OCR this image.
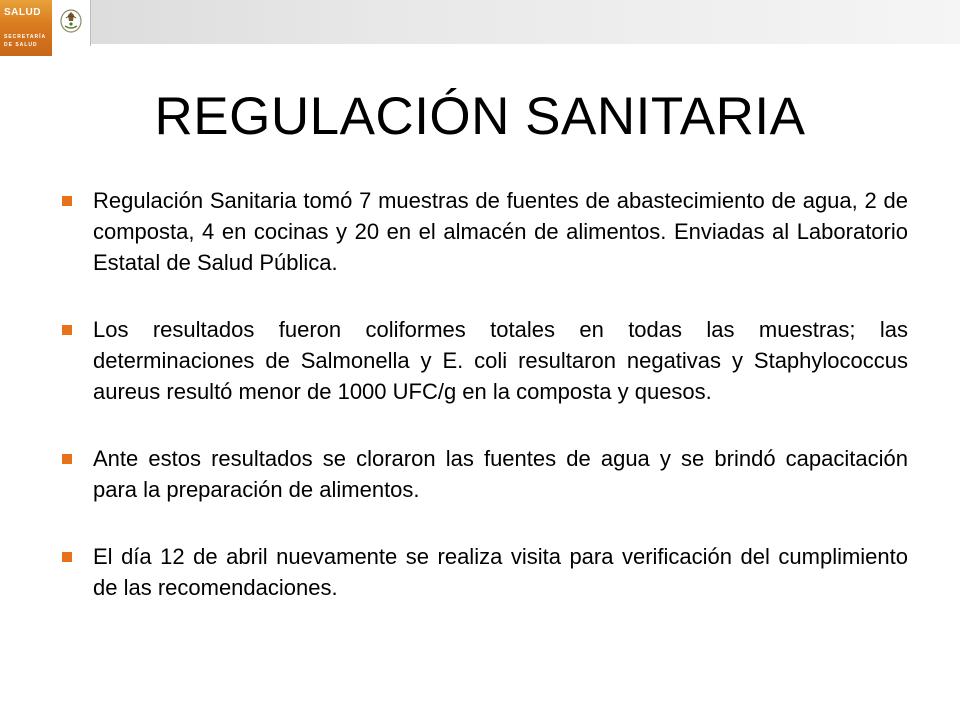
SALUD
SECRETARÍA DE SALUD
REGULACIÓN SANITARIA
Regulación Sanitaria tomó 7 muestras de fuentes de abastecimiento de agua, 2 de composta, 4 en cocinas y 20 en el almacén de alimentos. Enviadas al Laboratorio Estatal de Salud Pública.
Los resultados fueron coliformes totales en todas las muestras; las determinaciones de Salmonella y E. coli resultaron negativas y Staphylococcus aureus resultó menor de 1000 UFC/g en la composta y quesos.
Ante estos resultados se cloraron las fuentes de agua y se brindó capacitación para la preparación de alimentos.
El día 12 de abril nuevamente se realiza visita para verificación del cumplimiento de las recomendaciones.
